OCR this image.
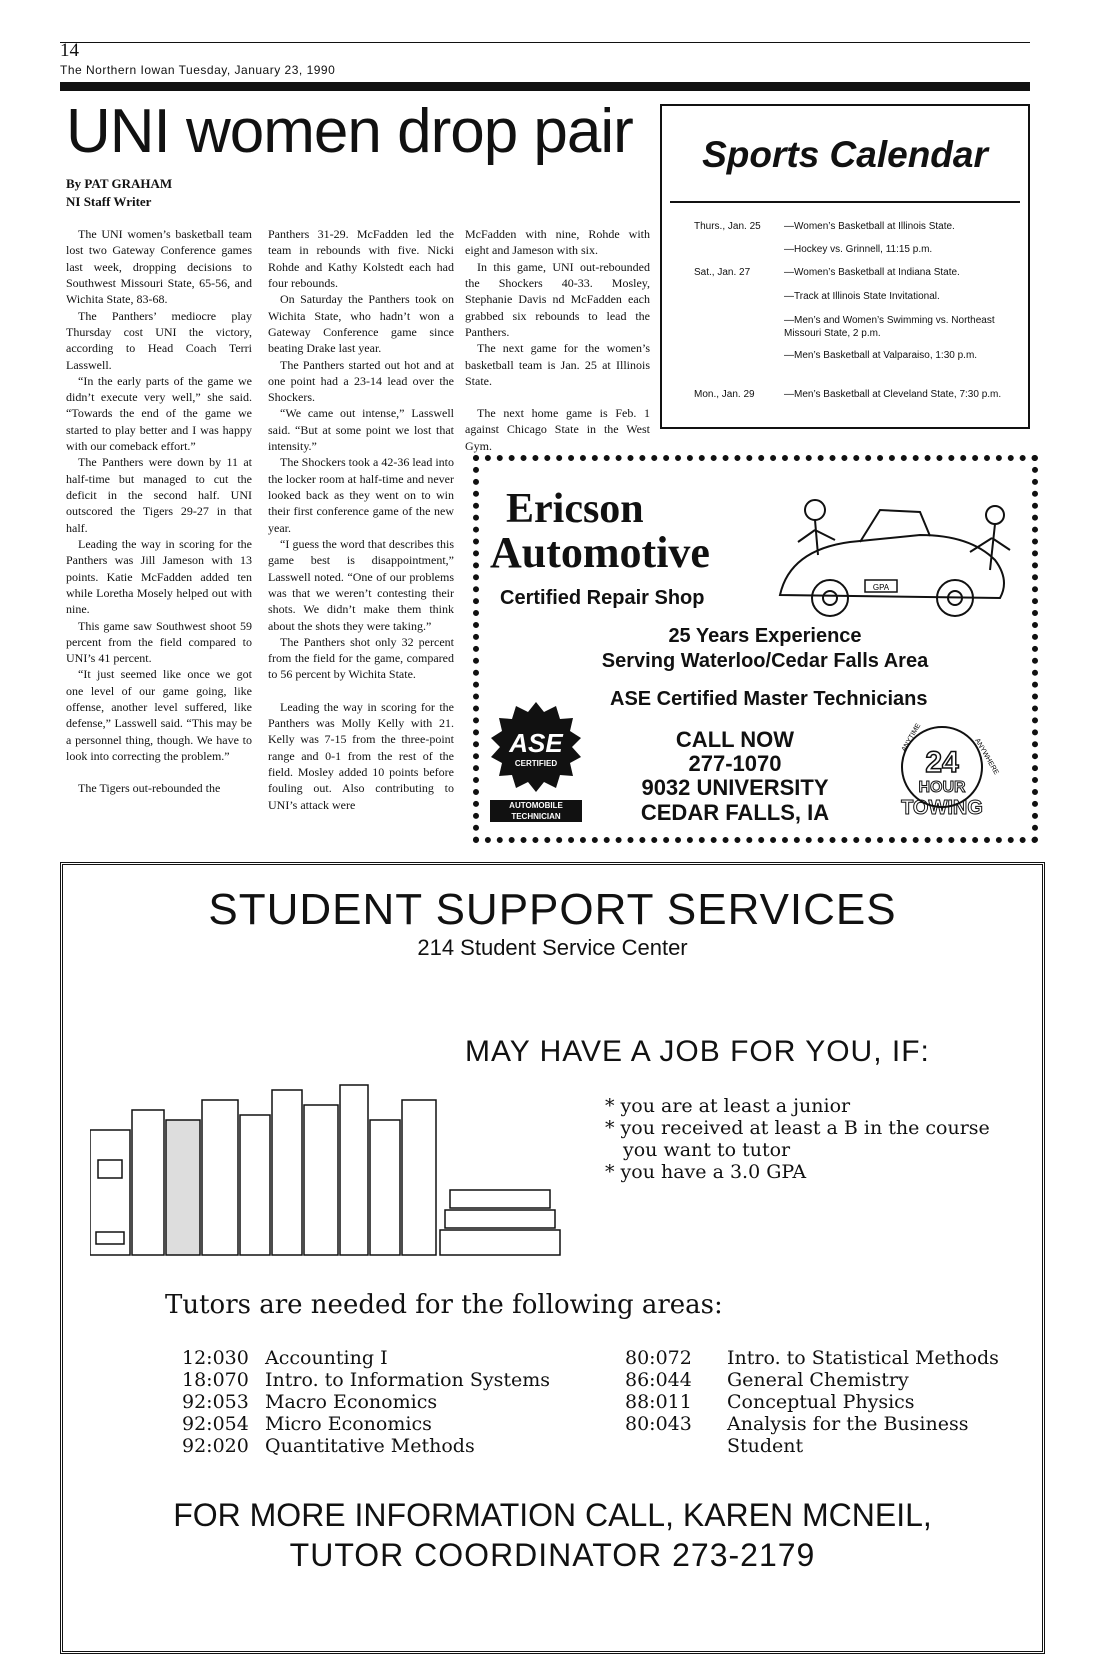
14
The Northern Iowan Tuesday, January 23, 1990
UNI women drop pair
By PAT GRAHAM
NI Staff Writer

The UNI women’s basketball team lost two Gateway Conference games last week, dropping decisions to Southwest Missouri State, 65-56, and Wichita State, 83-68.

The Panthers’ mediocre play Thursday cost UNI the victory, according to Head Coach Terri Lasswell.

“In the early parts of the game we didn’t execute very well,” she said. “Towards the end of the game we started to play better and I was happy with our comeback effort.”

The Panthers were down by 11 at half-time but managed to cut the deficit in the second half. UNI outscored the Tigers 29-27 in that half.

Leading the way in scoring for the Panthers was Jill Jameson with 13 points. Katie McFadden added ten while Loretha Mosely helped out with nine.

This game saw Southwest shoot 59 percent from the field compared to UNI’s 41 percent.

“It just seemed like once we got one level of our game going, like offense, another level suffered, like defense,” Lasswell said. “This may be a personnel thing, though. We have to look into correcting the problem.”

The Tigers out-rebounded the

Panthers 31-29. McFadden led the team in rebounds with five. Nicki Rohde and Kathy Kolstedt each had four rebounds.

On Saturday the Panthers took on Wichita State, who hadn’t won a Gateway Conference game since beating Drake last year.

The Panthers started out hot and at one point had a 23-14 lead over the Shockers.

“We came out intense,” Lasswell said. “But at some point we lost that intensity.”

The Shockers took a 42-36 lead into the locker room at half-time and never looked back as they went on to win their first conference game of the new year.

“I guess the word that describes this game best is disappointment,” Lasswell noted. “One of our problems was that we weren’t contesting their shots. We didn’t make them think about the shots they were taking.”

The Panthers shot only 32 percent from the field for the game, compared to 56 percent by Wichita State.

Leading the way in scoring for the Panthers was Molly Kelly with 21. Kelly was 7-15 from the three-point range and 0-1 from the rest of the field. Mosley added 10 points before fouling out. Also contributing to UNI’s attack were

McFadden with nine, Rohde with eight and Jameson with six.

In this game, UNI out-rebounded the Shockers 40-33. Mosley, Stephanie Davis nd McFadden each grabbed six rebounds to lead the Panthers.

The next game for the women’s basketball team is Jan. 25 at Illinois State.

The next home game is Feb. 1 against Chicago State in the West Gym.

Sports Calendar
Thurs., Jan. 25	—Women’s Basketball at Illinois State.
—Hockey vs. Grinnell, 11:15 p.m.
Sat., Jan. 27	—Women’s Basketball at Indiana State.
—Track at Illinois State Invitational.
—Men’s and Women’s Swimming vs. Northeast Missouri State, 2 p.m.
—Men’s Basketball at Valparaiso, 1:30 p.m.
Mon., Jan. 29	—Men’s Basketball at Cleveland State, 7:30 p.m.
Ericson
Automotive
GPA
Certified Repair Shop
25 Years Experience
Serving Waterloo/Cedar Falls Area
ASE Certified Master Technicians
ASE
CERTIFIED
AUTOMOBILE TECHNICIAN
CALL NOW
277-1070
9032 UNIVERSITY
CEDAR FALLS, IA
ANYTIME	ANYWHERE
24
HOUR
TOWING
STUDENT SUPPORT SERVICES
214 Student Service Center
MAY HAVE A JOB FOR YOU, IF:
* you are at least a junior
* you received at least a B in the course
you want to tutor
* you have a 3.0 GPA
Tutors are needed for the following areas:
12:030 Accounting I
18:070 Intro. to Information Systems
92:053 Macro Economics
92:054 Micro Economics
92:020 Quantitative Methods
80:072 Intro. to Statistical Methods
86:044 General Chemistry
88:011 Conceptual Physics
80:043 Analysis for the Business
Student
FOR MORE INFORMATION CALL, KAREN MCNEIL,
TUTOR COORDINATOR 273-2179
